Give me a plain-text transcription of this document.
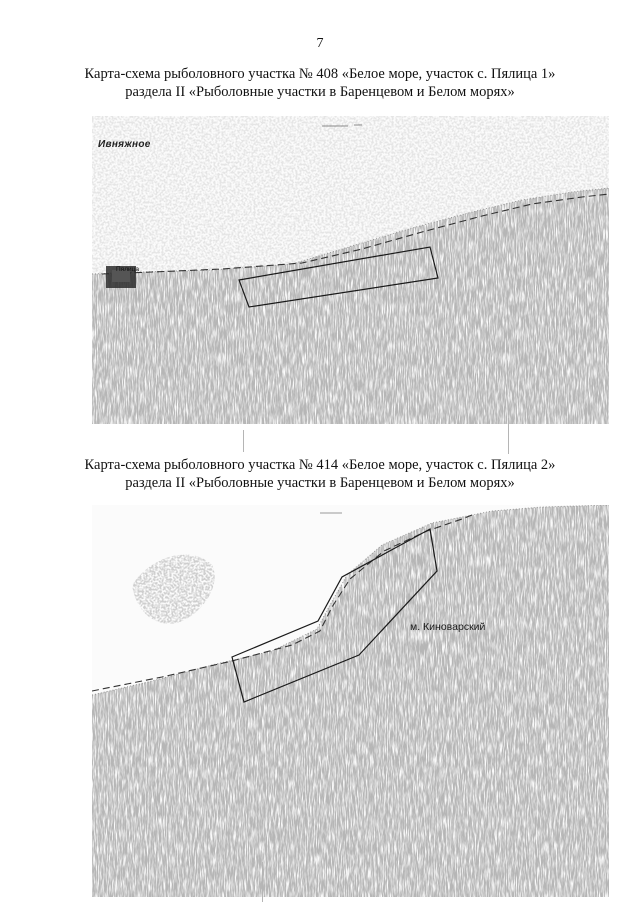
7
Карта-схема рыболовного участка № 408 «Белое море, участок с. Пялица 1»
раздела II «Рыболовные участки в Баренцевом и Белом морях»
Ивняжное
Пялица
Карта-схема рыболовного участка № 414 «Белое море, участок с. Пялица 2»
раздела II «Рыболовные участки в Баренцевом и Белом морях»
м. Киноварский
